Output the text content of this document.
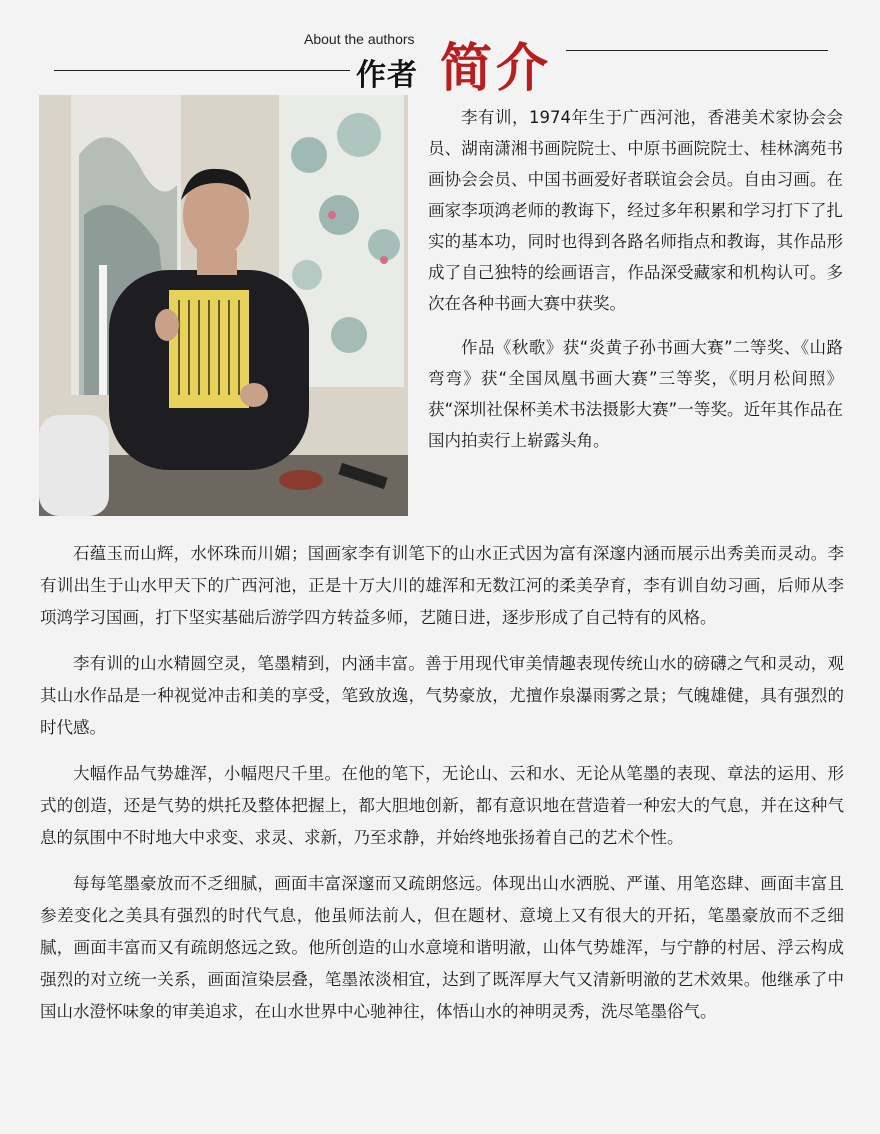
About the authors
作者 简介

李有训，1974年生于广西河池，香港美术家协会会员、湖南潇湘书画院院士、中原书画院院士、桂林漓苑书画协会会员、中国书画爱好者联谊会会员。自由习画。在画家李项鸿老师的教诲下，经过多年积累和学习打下了扎实的基本功，同时也得到各路名师指点和教诲，其作品形成了自己独特的绘画语言，作品深受藏家和机构认可。多次在各种书画大赛中获奖。

作品《秋歌》获“炎黄子孙书画大赛”二等奖、《山路弯弯》获“全国凤凰书画大赛”三等奖，《明月松间照》获“深圳社保杯美术书法摄影大赛”一等奖。近年其作品在国内拍卖行上崭露头角。

石蕴玉而山辉，水怀珠而川媚；国画家李有训笔下的山水正式因为富有深邃内涵而展示出秀美而灵动。李有训出生于山水甲天下的广西河池，正是十万大川的雄浑和无数江河的柔美孕育，李有训自幼习画，后师从李项鸿学习国画，打下坚实基础后游学四方转益多师，艺随日进，逐步形成了自己特有的风格。

李有训的山水精圆空灵，笔墨精到，内涵丰富。善于用现代审美情趣表现传统山水的磅礴之气和灵动，观其山水作品是一种视觉冲击和美的享受，笔致放逸，气势豪放，尤擅作泉瀑雨雾之景；气魄雄健，具有强烈的时代感。

大幅作品气势雄浑，小幅咫尺千里。在他的笔下，无论山、云和水、无论从笔墨的表现、章法的运用、形式的创造，还是气势的烘托及整体把握上，都大胆地创新，都有意识地在营造着一种宏大的气息，并在这种气息的氛围中不时地大中求变、求灵、求新，乃至求静，并始终地张扬着自己的艺术个性。

每每笔墨豪放而不乏细腻，画面丰富深邃而又疏朗悠远。体现出山水洒脱、严谨、用笔恣肆、画面丰富且参差变化之美具有强烈的时代气息，他虽师法前人，但在题材、意境上又有很大的开拓，笔墨豪放而不乏细腻，画面丰富而又有疏朗悠远之致。他所创造的山水意境和谐明澈，山体气势雄浑，与宁静的村居、浮云构成强烈的对立统一关系，画面渲染层叠，笔墨浓淡相宜，达到了既浑厚大气又清新明澈的艺术效果。他继承了中国山水澄怀味象的审美追求，在山水世界中心驰神往，体悟山水的神明灵秀，洗尽笔墨俗气。
